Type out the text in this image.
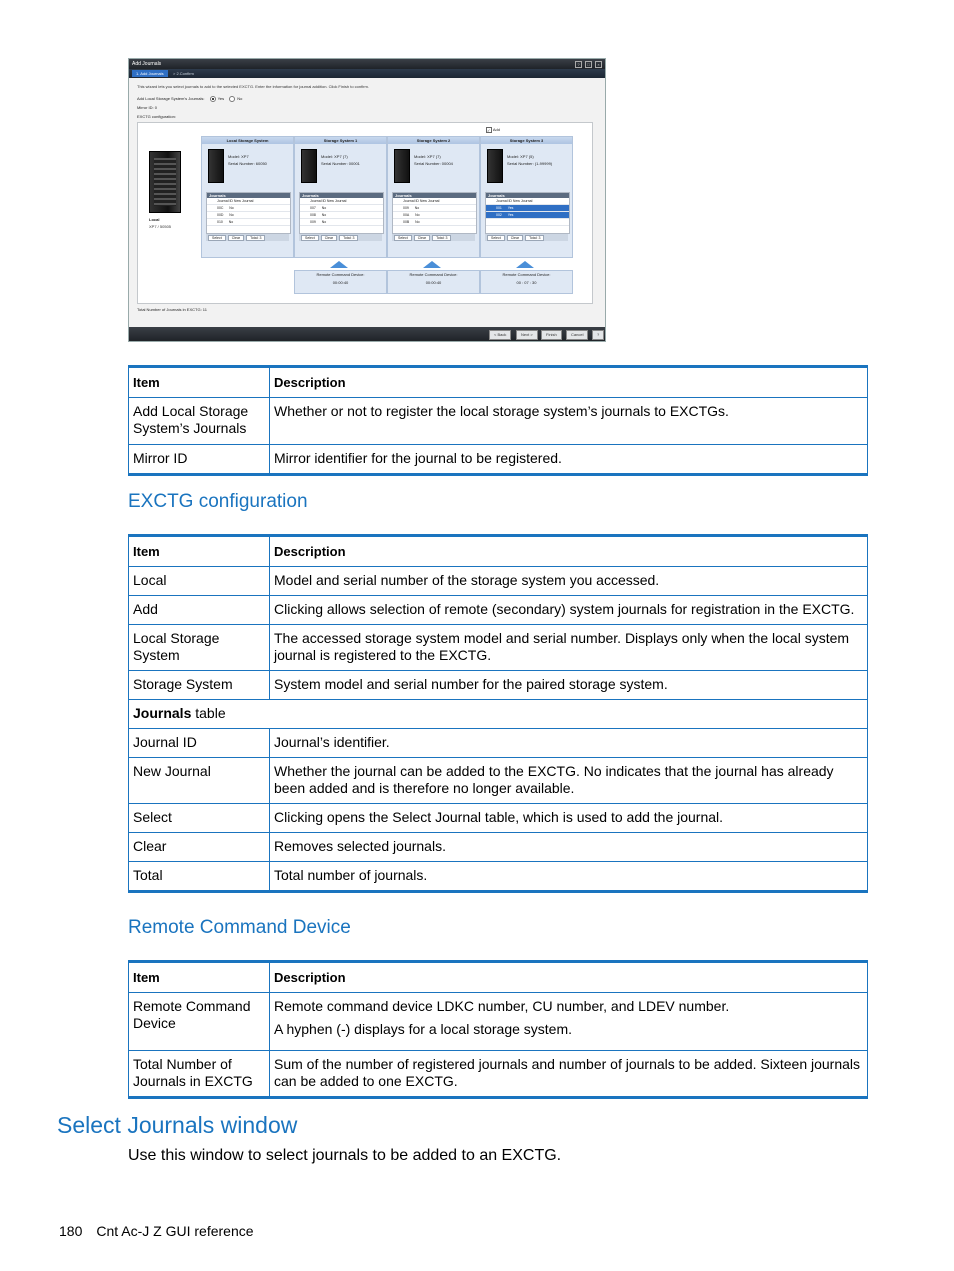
Add Journals	?	□	×
1. Add Journals	> 2.Confirm
This wizard lets you select journals to add to the selected EXCTG. Enter the information for journal addition. Click Finish to confirm.
Add Local Storage System's Journals:	Yes	No
Mirror ID: 0
EXCTG configuration:
Local
XP7 / 50505
✓ Add
Local Storage System
Model: XP7
Serial Number: 60050
Journals
Journal ID New Journal
00C No
00D No
010 No
Select	Clear	Total: 3
Storage System 1
Model: XP7 (7)
Serial Number: 00001
Journals
Journal ID New Journal
007 No
008 No
009 No
Select	Clear	Total: 3
Storage System 2
Model: XP7 (7)
Serial Number: 00004
Journals
Journal ID New Journal
009 No
00A No
00B No
Select	Clear	Total: 3
Storage System 3
Model: XP7 (5)
Serial Number: (1-99999)
Journals
Journal ID New Journal
001 Yes
002 Yes

Select	Clear	Total: 3
Total Number of Journals in EXCTG: 11
< Back	Next >	Finish	Cancel	?
Remote Command Device:
00:00:40
Remote Command Device:
00:00:40
Remote Command Device:
00 : 07 : 30
Item	Description
Add Local Storage System’s Journals	Whether or not to register the local storage system’s journals to EXCTGs.
Mirror ID	Mirror identifier for the journal to be registered.
EXCTG configuration
Item	Description
Local	Model and serial number of the storage system you accessed.
Add	Clicking allows selection of remote (secondary) system journals for registration in the EXCTG.
Local Storage System	The accessed storage system model and serial number. Displays only when the local system journal is registered to the EXCTG.
Storage System	System model and serial number for the paired storage system.
Journals table	
Journal ID	Journal’s identifier.
New Journal	Whether the journal can be added to the EXCTG. No indicates that the journal has already been added and is therefore no longer available.
Select	Clicking opens the Select Journal table, which is used to add the journal.
Clear	Removes selected journals.
Total	Total number of journals.
Remote Command Device
Item	Description
Remote Command Device	Remote command device LDKC number, CU number, and LDEV number.

A hyphen (-) displays for a local storage system.

Total Number of Journals in EXCTG	Sum of the number of registered journals and number of journals to be added. Sixteen journals can be added to one EXCTG.
Select Journals window
Use this window to select journals to be added to an EXCTG.
180 Cnt Ac-J Z GUI reference
